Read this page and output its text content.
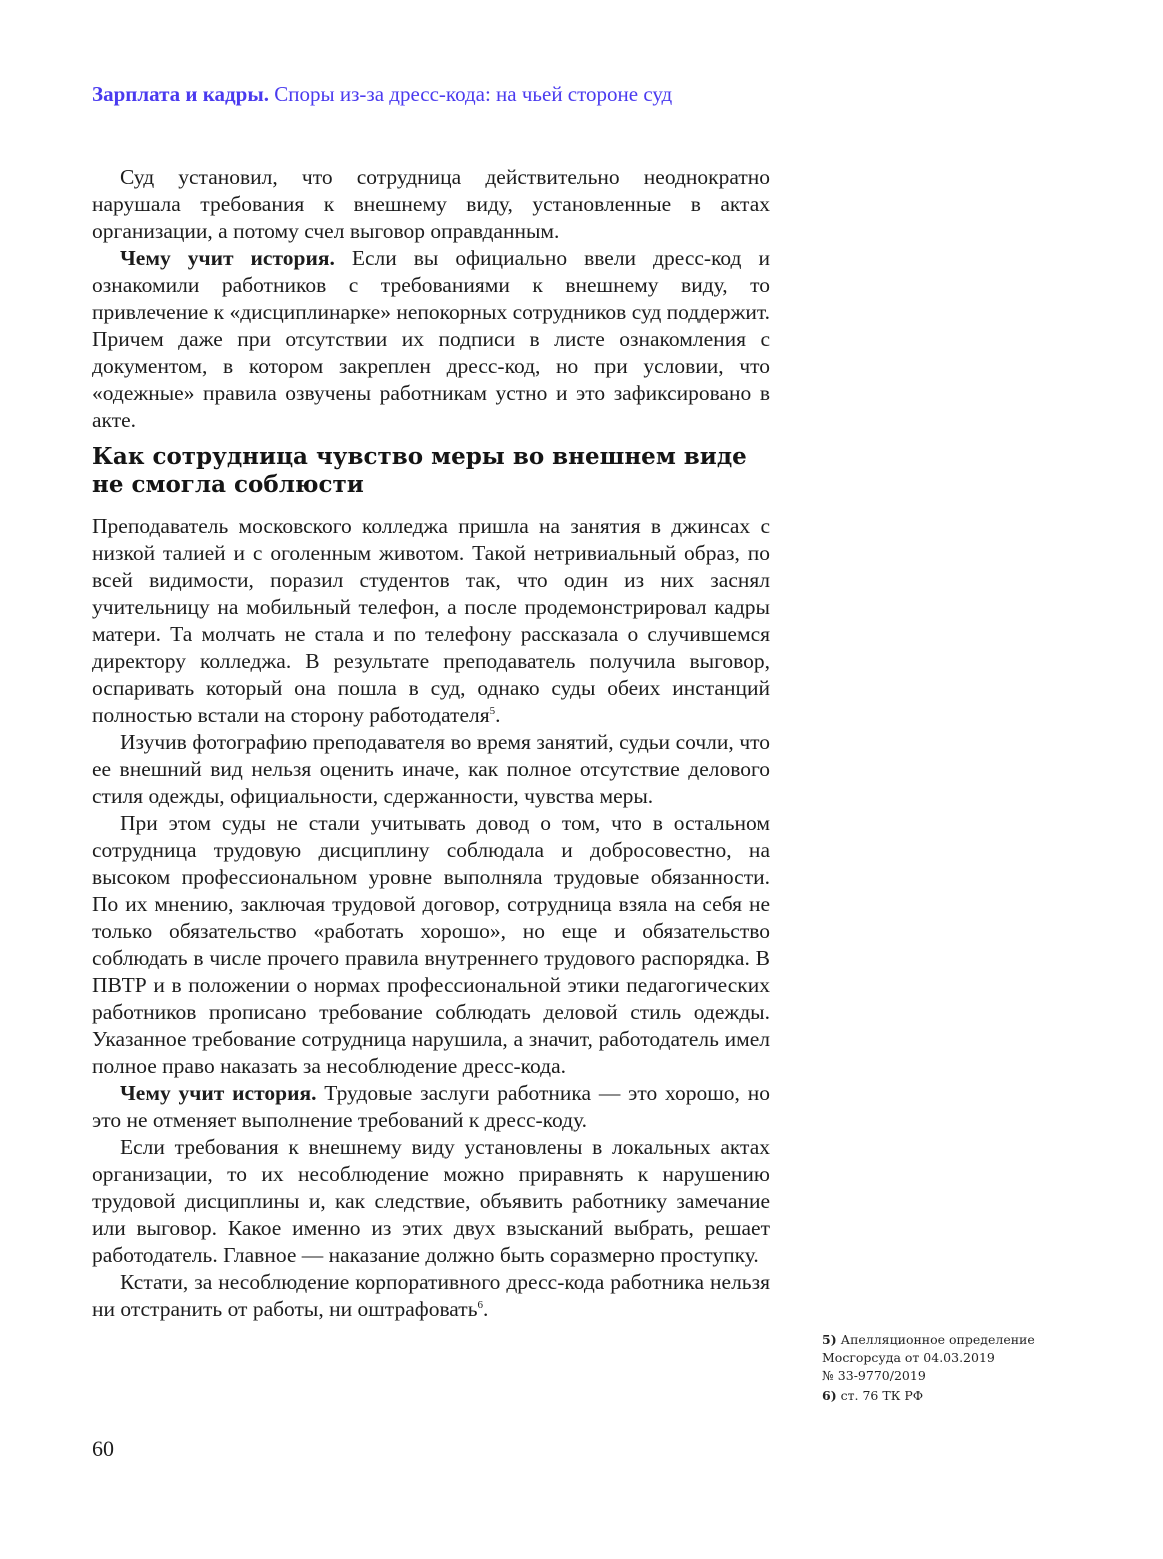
Зарплата и кадры. Споры из-за дресс-кода: на чьей стороне суд

Суд установил, что сотрудница действительно неоднократно нарушала требования к внешнему виду, установленные в актах организации, а потому счел выговор оправданным.

Чему учит история. Если вы официально ввели дресс-код и ознакомили работников с требованиями к внешнему виду, то привлечение к «дисциплинарке» непокорных сотрудников суд поддержит. Причем даже при отсутствии их подписи в листе ознакомления с документом, в котором закреплен дресс-код, но при условии, что «одежные» правила озвучены работникам устно и это зафиксировано в акте.

Как сотрудница чувство меры во внешнем виде не смогла соблюсти

Преподаватель московского колледжа пришла на занятия в джинсах с низкой талией и с оголенным животом. Такой нетривиальный образ, по всей видимости, поразил студентов так, что один из них заснял учительницу на мобильный телефон, а после продемонстрировал кадры матери. Та молчать не стала и по телефону рассказала о случившемся директору колледжа. В результате преподаватель получила выговор, оспаривать который она пошла в суд, однако суды обеих инстанций полностью встали на сторону работодателя$^5$.

Изучив фотографию преподавателя во время занятий, судьи сочли, что ее внешний вид нельзя оценить иначе, как полное отсутствие делового стиля одежды, официальности, сдержанности, чувства меры.

При этом суды не стали учитывать довод о том, что в остальном сотрудница трудовую дисциплину соблюдала и добросовестно, на высоком профессиональном уровне выполняла трудовые обязанности. По их мнению, заключая трудовой договор, сотрудница взяла на себя не только обязательство «работать хорошо», но еще и обязательство соблюдать в числе прочего правила внутреннего трудового распорядка. В ПВТР и в положении о нормах профессиональной этики педагогических работников прописано требование соблюдать деловой стиль одежды. Указанное требование сотрудница нарушила, а значит, работодатель имел полное право наказать за несоблюдение дресс-кода.

Чему учит история. Трудовые заслуги работника — это хорошо, но это не отменяет выполнение требований к дресс-коду.

Если требования к внешнему виду установлены в локальных актах организации, то их несоблюдение можно приравнять к нарушению трудовой дисциплины и, как следствие, объявить работнику замечание или выговор. Какое именно из этих двух взысканий выбрать, решает работодатель. Главное — наказание должно быть соразмерно проступку.

Кстати, за несоблюдение корпоративного дресс-кода работника нельзя ни отстранить от работы, ни оштрафовать$^6$.

5) Апелляционное определение
Мосгорсуда от 04.03.2019
№ 33-9770/2019
6) ст. 76 ТК РФ
60
